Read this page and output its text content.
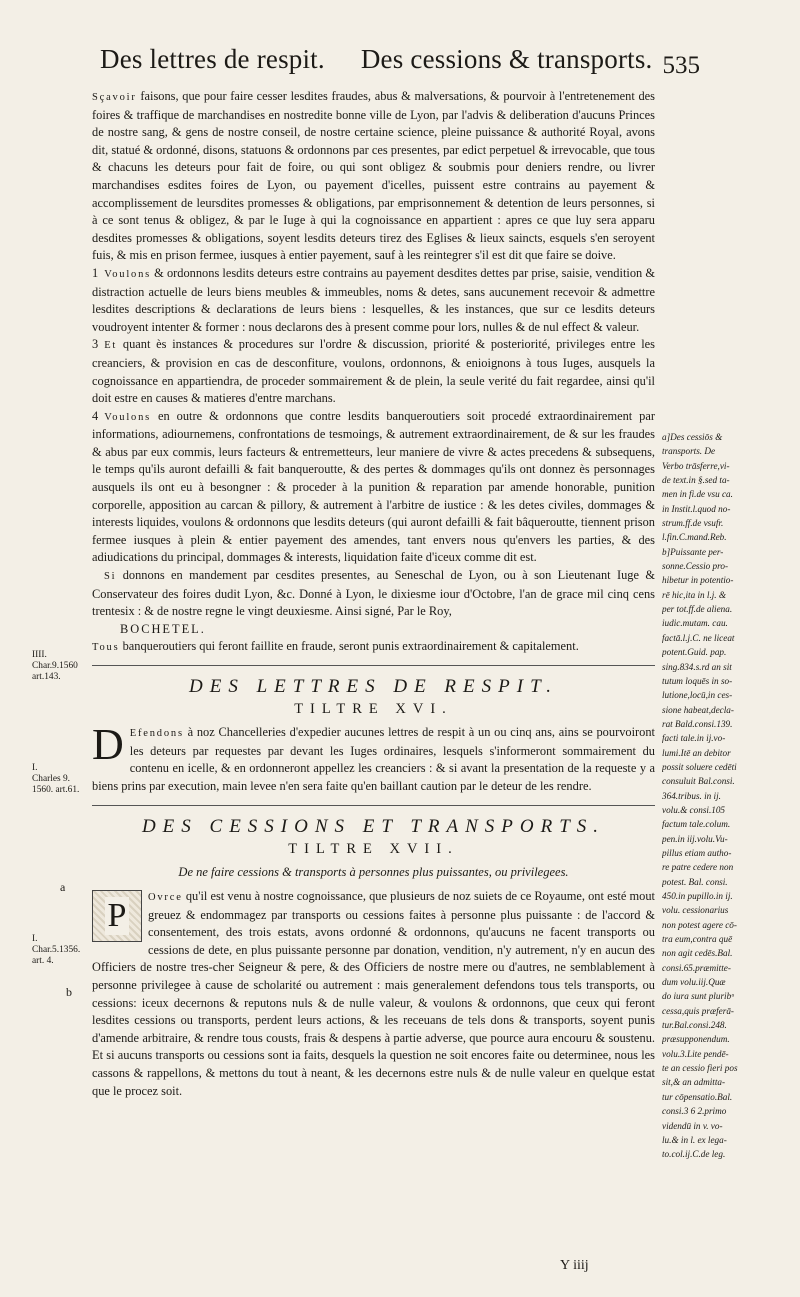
Des lettres de respit. Des cessions & transports. 535

Sçavoir faisons, que pour faire cesser lesdites fraudes, abus & malversations, & pourvoir à l'entretenement des foires & traffique de marchandises en nostredite bonne ville de Lyon, par l'advis & deliberation d'aucuns Princes de nostre sang, & gens de nostre conseil, de nostre certaine science, pleine puissance & authorité Royal, avons dit, statué & ordonné, disons, statuons & ordonnons par ces presentes, par edict perpetuel & irrevocable, que tous & chacuns les deteurs pour fait de foire, ou qui sont obligez & soubmis pour deniers rendre, ou livrer marchandises esdites foires de Lyon, ou payement d'icelles, puissent estre contrains au payement & accomplissement de leursdites promesses & obligations, par emprisonnement & detention de leurs personnes, si à ce sont tenus & obligez, & par le Iuge à qui la cognoissance en appartient : apres ce que luy sera apparu desdites promesses & obligations, soyent lesdits deteurs tirez des Eglises & lieux saincts, esquels s'en seroyent fuis, & mis en prison fermee, iusques à entier payement, sauf à les reintegrer s'il est dit que faire se doive.

1 Voulons & ordonnons lesdits deteurs estre contrains au payement desdites dettes par prise, saisie, vendition & distraction actuelle de leurs biens meubles & immeubles, noms & detes, sans aucunement recevoir & admettre lesdites descriptions & declarations de leurs biens : lesquelles, & les instances, que sur ce lesdits deteurs voudroyent intenter & former : nous declarons des à present comme pour lors, nulles & de nul effect & valeur.

3 Et quant ès instances & procedures sur l'ordre & discussion, priorité & posteriorité, privileges entre les creanciers, & provision en cas de desconfiture, voulons, ordonnons, & enioignons à tous Iuges, ausquels la cognoissance en appartiendra, de proceder sommairement & de plein, la seule verité du fait regardee, ainsi qu'il doit estre en causes & matieres d'entre marchans.

4 Voulons en outre & ordonnons que contre lesdits banqueroutiers soit procedé extraordinairement par informations, adiournemens, confrontations de tesmoings, & autrement extraordinairement, de & sur les fraudes & abus par eux commis, leurs facteurs & entremetteurs, leur maniere de vivre & actes precedens & subsequens, le temps qu'ils auront defailli & fait banqueroutte, & des pertes & dommages qu'ils ont donnez ès personnages ausquels ils ont eu à besongner : & proceder à la punition & reparation par amende honorable, punition corporelle, apposition au carcan & pillory, & autrement à l'arbitre de iustice : & les detes civiles, dommages & interests liquides, voulons & ordonnons que lesdits deteurs (qui auront defailli & fait bâqueroutte, tiennent prison fermee iusques à plein & entier payement des amendes, tant envers nous qu'envers les parties, & des adiudications du principal, dommages & interests, liquidation faite d'iceux comme dit est.

Si donnons en mandement par cesdites presentes, au Seneschal de Lyon, ou à son Lieutenant Iuge & Conservateur des foires dudit Lyon, &c. Donné à Lyon, le dixiesme iour d'Octobre, l'an de grace mil cinq cens trentesix : & de nostre regne le vingt deuxiesme. Ainsi signé, Par le Roy,

BOCHETEL.

Tous banqueroutiers qui feront faillite en fraude, seront punis extraordinairement & capitalement.

DES LETTRES DE RESPIT.
TILTRE XVI.

D Efendons à noz Chancelleries d'expedier aucunes lettres de respit à un ou cinq ans, ains se pourvoiront les deteurs par requestes par devant les Iuges ordinaires, lesquels s'informeront sommairement du contenu en icelle, & en ordonneront appellez les creanciers : & si avant la presentation de la requeste y a biens prins par execution, main levee n'en sera faite qu'en baillant caution par le deteur de les rendre.

DES CESSIONS ET TRANSPORTS.
TILTRE XVII.
De ne faire cessions & transports à personnes plus puissantes, ou privilegees.

P Ovrce qu'il est venu à nostre cognoissance, que plusieurs de noz suiets de ce Royaume, ont esté mout greuez & endommagez par transports ou cessions faites à personne plus puissante : de l'accord & consentement, des trois estats, avons ordonné & ordonnons, qu'aucuns ne facent transports ou cessions de dete, en plus puissante personne par donation, vendition, n'y autrement, n'y en aucun des Officiers de nostre tres-cher Seigneur & pere, & des Officiers de nostre mere ou d'autres, ne semblablement à personne privilegee à cause de scholarité ou autrement : mais generalement defendons tous tels transports, ou cessions: iceux decernons & reputons nuls & de nulle valeur, & voulons & ordonnons, que ceux qui feront lesdites cessions ou transports, perdent leurs actions, & les receuans de tels dons & transports, soyent punis d'amende arbitraire, & rendre tous cousts, frais & despens à partie adverse, que pource aura encouru & soustenu. Et si aucuns transports ou cessions sont ia faits, desquels la question ne soit encores faite ou determinee, nous les cassons & rappellons, & mettons du tout à neant, & les decernons estre nuls & de nulle valeur en quelque estat que le procez soit.

IIII.
Char.9.1560
art.143.
I.
Charles 9.
1560. art.61.
I.
Char.5.1356.
art. 4.
a
b
a]Des cessiōs &
transports. De
Verbo trāsferre,vi-
de text.in §.sed ta-
men in fi.de vsu ca.
in Instit.l.quod no-
strum.ff.de vsufr.
l.fin.C.mand.Reb.
b]Puissante per-
sonne.Cessio pro-
hibetur in potentio-
rē hic,ita in l.j. &
per tot.ff.de aliena.
iudic.mutam. cau.
factā.l.j.C. ne liceat
potent.Guid. pap.
sing.834.s.rd an sit
tutum loquēs in so-
lutione,locū,in ces-
sione habeat,decla-
rat Bald.consi.139.
facti tale.in ij.vo-
lumi.Itē an debitor
possit soluere cedēti
consuluit Bal.consi.
364.tribus. in ij.
volu.& consi.105
factum tale.colum.
pen.in iij.volu.Vu-
pillus etiam autho-
re patre cedere non
potest. Bal. consi.
450.in pupillo.in ij.
volu. cessionarius
non potest agere cō-
tra eum,contra quē
non agit cedēs.Bal.
consi.65.præmitte-
dum volu.iij.Quæ
do iura sunt pluribᵘ
cessa,quis præferā-
tur.Bal.consi.248.
præsupponendum.
volu.3.Lite pendē-
te an cessio fieri pos
sit,& an admitta-
tur cōpensatio.Bal.
consi.3 6 2.primo
videndū in v. vo-
lu.& in l. ex lega-
to.col.ij.C.de leg.
Y iiij
